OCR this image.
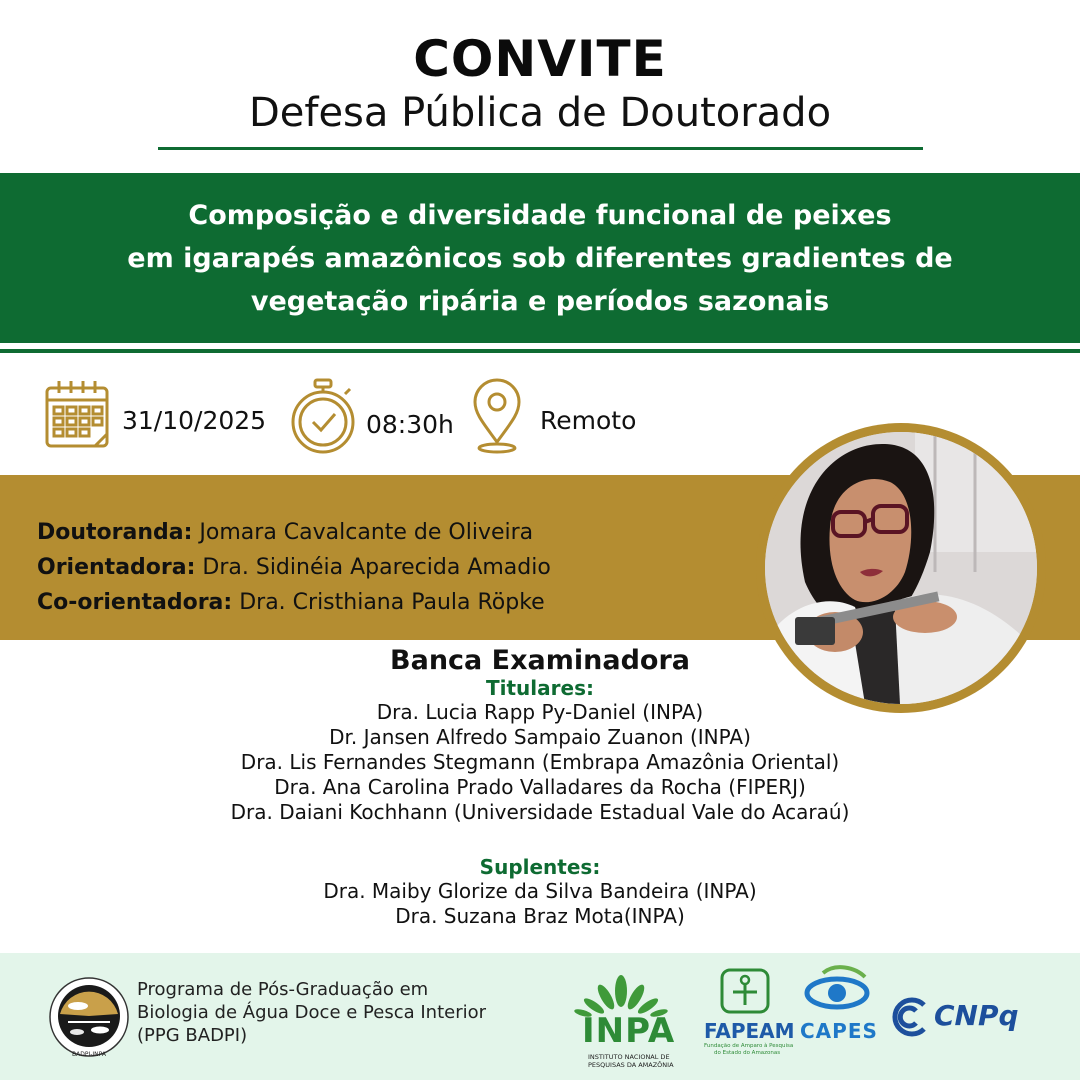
CONVITE
Defesa Pública de Doutorado
Composição e diversidade funcional de peixes
em igarapés amazônicos sob diferentes gradientes de
vegetação ripária e períodos sazonais
31/10/2025	08:30h	Remoto
Doutoranda: Jomara Cavalcante de Oliveira
Orientadora: Dra. Sidinéia Aparecida Amadio
Co-orientadora: Dra. Cristhiana Paula Röpke
Banca Examinadora
Titulares:
Dra. Lucia Rapp Py-Daniel (INPA)
Dr. Jansen Alfredo Sampaio Zuanon (INPA)
Dra. Lis Fernandes Stegmann (Embrapa Amazônia Oriental)
Dra. Ana Carolina Prado Valladares da Rocha (FIPERJ)
Dra. Daiani Kochhann (Universidade Estadual Vale do Acaraú)
Suplentes:
Dra. Maiby Glorize da Silva Bandeira (INPA)
Dra. Suzana Braz Mota(INPA)
BADPI-INPA
Programa de Pós-Graduação em
Biologia de Água Doce e Pesca Interior
(PPG BADPI)	INPA
INSTITUTO NACIONAL DE
PESQUISAS DA AMAZÔNIA
FAPEAM
Fundação de Amparo à Pesquisa
do Estado do Amazonas
CAPES CNPq
